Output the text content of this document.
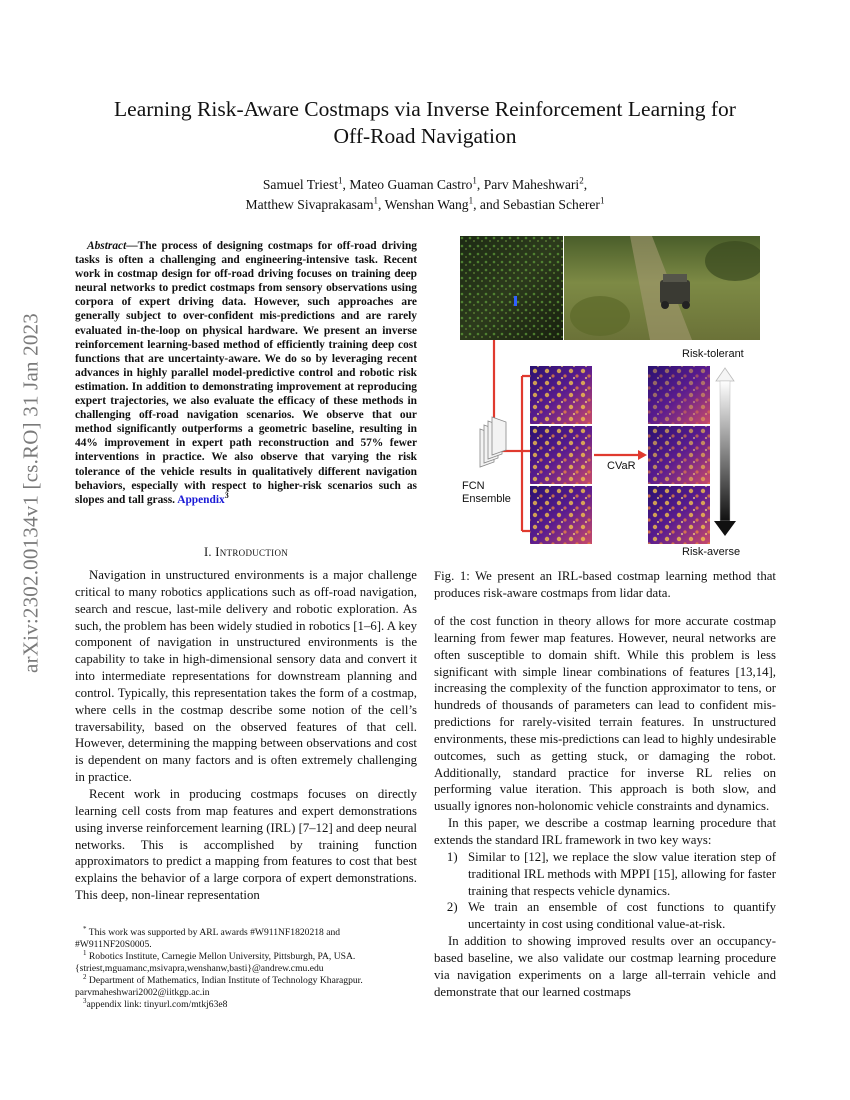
arXiv:2302.00134v1 [cs.RO] 31 Jan 2023
Learning Risk-Aware Costmaps via Inverse Reinforcement Learning for
Off-Road Navigation
Samuel Triest$^1$, Mateo Guaman Castro$^1$, Parv Maheshwari$^2$,
Matthew Sivaprakasam$^1$, Wenshan Wang$^1$, and Sebastian Scherer$^1$
Abstract—The process of designing costmaps for off-road driving tasks is often a challenging and engineering-intensive task. Recent work in costmap design for off-road driving focuses on training deep neural networks to predict costmaps from sensory observations using corpora of expert driving data. However, such approaches are generally subject to over-confident mis-predictions and are rarely evaluated in-the-loop on physical hardware. We present an inverse reinforcement learning-based method of efficiently training deep cost functions that are uncertainty-aware. We do so by leveraging recent advances in highly parallel model-predictive control and robotic risk estimation. In addition to demonstrating improvement at reproducing expert trajectories, we also evaluate the efficacy of these methods in challenging off-road navigation scenarios. We observe that our method significantly outperforms a geometric baseline, resulting in 44% improvement in expert path reconstruction and 57% fewer interventions in practice. We also observe that varying the risk tolerance of the vehicle results in qualitatively different navigation behaviors, especially with respect to higher-risk scenarios such as slopes and tall grass. Appendix$^3$
I. Introduction

Navigation in unstructured environments is a major challenge critical to many robotics applications such as off-road navigation, search and rescue, last-mile delivery and robotic exploration. As such, the problem has been widely studied in robotics [1–6]. A key component of navigation in unstructured environments is the capability to take in high-dimensional sensory data and convert it into intermediate representations for downstream planning and control. Typically, this representation takes the form of a costmap, where cells in the costmap describe some notion of the cell’s traversability, based on the observed features of that cell. However, determining the mapping between observations and cost is dependent on many factors and is often extremely challenging in practice.

Recent work in producing costmaps focuses on directly learning cell costs from map features and expert demonstrations using inverse reinforcement learning (IRL) [7–12] and deep neural networks. This is accomplished by training function approximators to predict a mapping from features to cost that best explains the behavior of a large corpora of expert demonstrations. This deep, non-linear representation

* This work was supported by ARL awards #W911NF1820218 and #W911NF20S0005.

$^1$ Robotics Institute, Carnegie Mellon University, Pittsburgh, PA, USA. {striest,mguamanc,msivapra,wenshanw,basti}@andrew.cmu.edu

$^2$ Department of Mathematics, Indian Institute of Technology Kharagpur. parvmaheshwari2002@iitkgp.ac.in

$^3$appendix link: tinyurl.com/mtkj63e8

Risk-tolerant
Risk-averse
CVaR
FCN
Ensemble
Fig. 1: We present an IRL-based costmap learning method that produces risk-aware costmaps from lidar data.

of the cost function in theory allows for more accurate costmap learning from fewer map features. However, neural networks are often susceptible to domain shift. While this problem is less significant with simple linear combinations of features [13,14], increasing the complexity of the function approximator to tens, or hundreds of thousands of parameters can lead to confident mis-predictions for rarely-visited terrain features. In unstructured environments, these mis-predictions can lead to highly undesirable outcomes, such as getting stuck, or damaging the robot. Additionally, standard practice for inverse RL relies on performing value iteration. This approach is both slow, and usually ignores non-holonomic vehicle constraints and dynamics.

In this paper, we describe a costmap learning procedure that extends the standard IRL framework in two key ways:

1. Similar to [12], we replace the slow value iteration step of traditional IRL methods with MPPI [15], allowing for faster training that respects vehicle dynamics.
2. We train an ensemble of cost functions to quantify uncertainty in cost using conditional value-at-risk.

In addition to showing improved results over an occupancy-based baseline, we also validate our costmap learning procedure via navigation experiments on a large all-terrain vehicle and demonstrate that our learned costmaps
